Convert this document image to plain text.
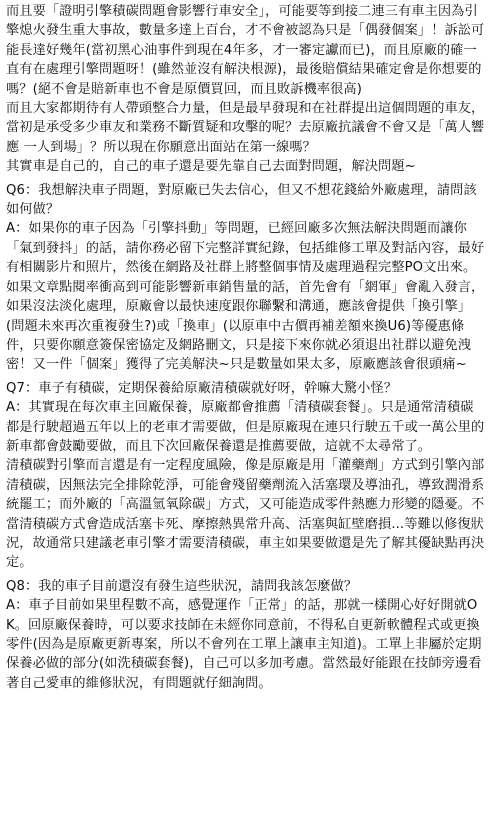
而且要「證明引擎積碳問題會影響行車安全」，可能要等到接二連三有車主因為引擎熄火發生重大事故，數量多達上百台，才不會被認為只是「偶發個案」！訴訟可能長達好幾年(當初黑心油事件到現在4年多，才一審定讞而已)，而且原廠的確一直有在處理引擎問題呀！(雖然並沒有解決根源)，最後賠償結果確定會是你想要的嗎？(絕不會是賠新車也不會是原價買回，而且敗訴機率很高)

而且大家都期待有人帶頭整合力量，但是最早發現和在社群提出這個問題的車友，當初是承受多少車友和業務不斷質疑和攻擊的呢？去原廠抗議會不會又是「萬人響應 一人到場」？所以現在你願意出面站在第一線嗎？

其實車是自己的，自己的車子還是要先靠自己去面對問題，解決問題~

Q6：我想解決車子問題，對原廠已失去信心，但又不想花錢給外廠處理，請問該如何做？

A：如果你的車子因為「引擎抖動」等問題，已經回廠多次無法解決問題而讓你「氣到發抖」的話，請你務必留下完整詳實紀錄，包括維修工單及對話內容，最好有相關影片和照片，然後在網路及社群上將整個事情及處理過程完整PO文出來。

如果文章點閱率衝高到可能影響新車銷售量的話，首先會有「網軍」會亂入發言，如果沒法淡化處理，原廠會以最快速度跟你聯繫和溝通，應該會提供「換引擎」(問題未來再次重複發生?)或「換車」(以原車中古價再補差額來換U6)等優惠條件，只要你願意簽保密協定及網路刪文，只是接下來你就必須退出社群以避免洩密！又一件「個案」獲得了完美解決~只是數量如果太多，原廠應該會很頭痛~

Q7：車子有積碳，定期保養給原廠清積碳就好呀，幹嘛大驚小怪？

A：其實現在每次車主回廠保養，原廠都會推薦「清積碳套餐」。只是通常清積碳都是行駛超過五年以上的老車才需要做，但是原廠現在連只行駛五千或一萬公里的新車都會鼓勵要做，而且下次回廠保養還是推薦要做，這就不太尋常了。

清積碳對引擎而言還是有一定程度風險，像是原廠是用「灌藥劑」方式到引擎內部清積碳，因無法完全排除乾淨，可能會殘留藥劑流入活塞環及導油孔，導致潤滑系統罷工；而外廠的「高溫氫氧除碳」方式，又可能造成零件熱應力形變的隱憂。不當清積碳方式會造成活塞卡死、摩擦熱異常升高、活塞與缸壁磨損...等難以修復狀況，故通常只建議老車引擎才需要清積碳，車主如果要做還是先了解其優缺點再決定。

Q8：我的車子目前還沒有發生這些狀況，請問我該怎麼做？

A：車子目前如果里程數不高，感覺運作「正常」的話，那就一樣開心好好開就OK。回原廠保養時，可以要求技師在未經你同意前，不得私自更新軟體程式或更換零件(因為是原廠更新專案，所以不會列在工單上讓車主知道)。工單上非屬於定期保養必做的部分(如洗積碳套餐)，自己可以多加考慮。當然最好能跟在技師旁邊看著自己愛車的維修狀況，有問題就仔細詢問。
